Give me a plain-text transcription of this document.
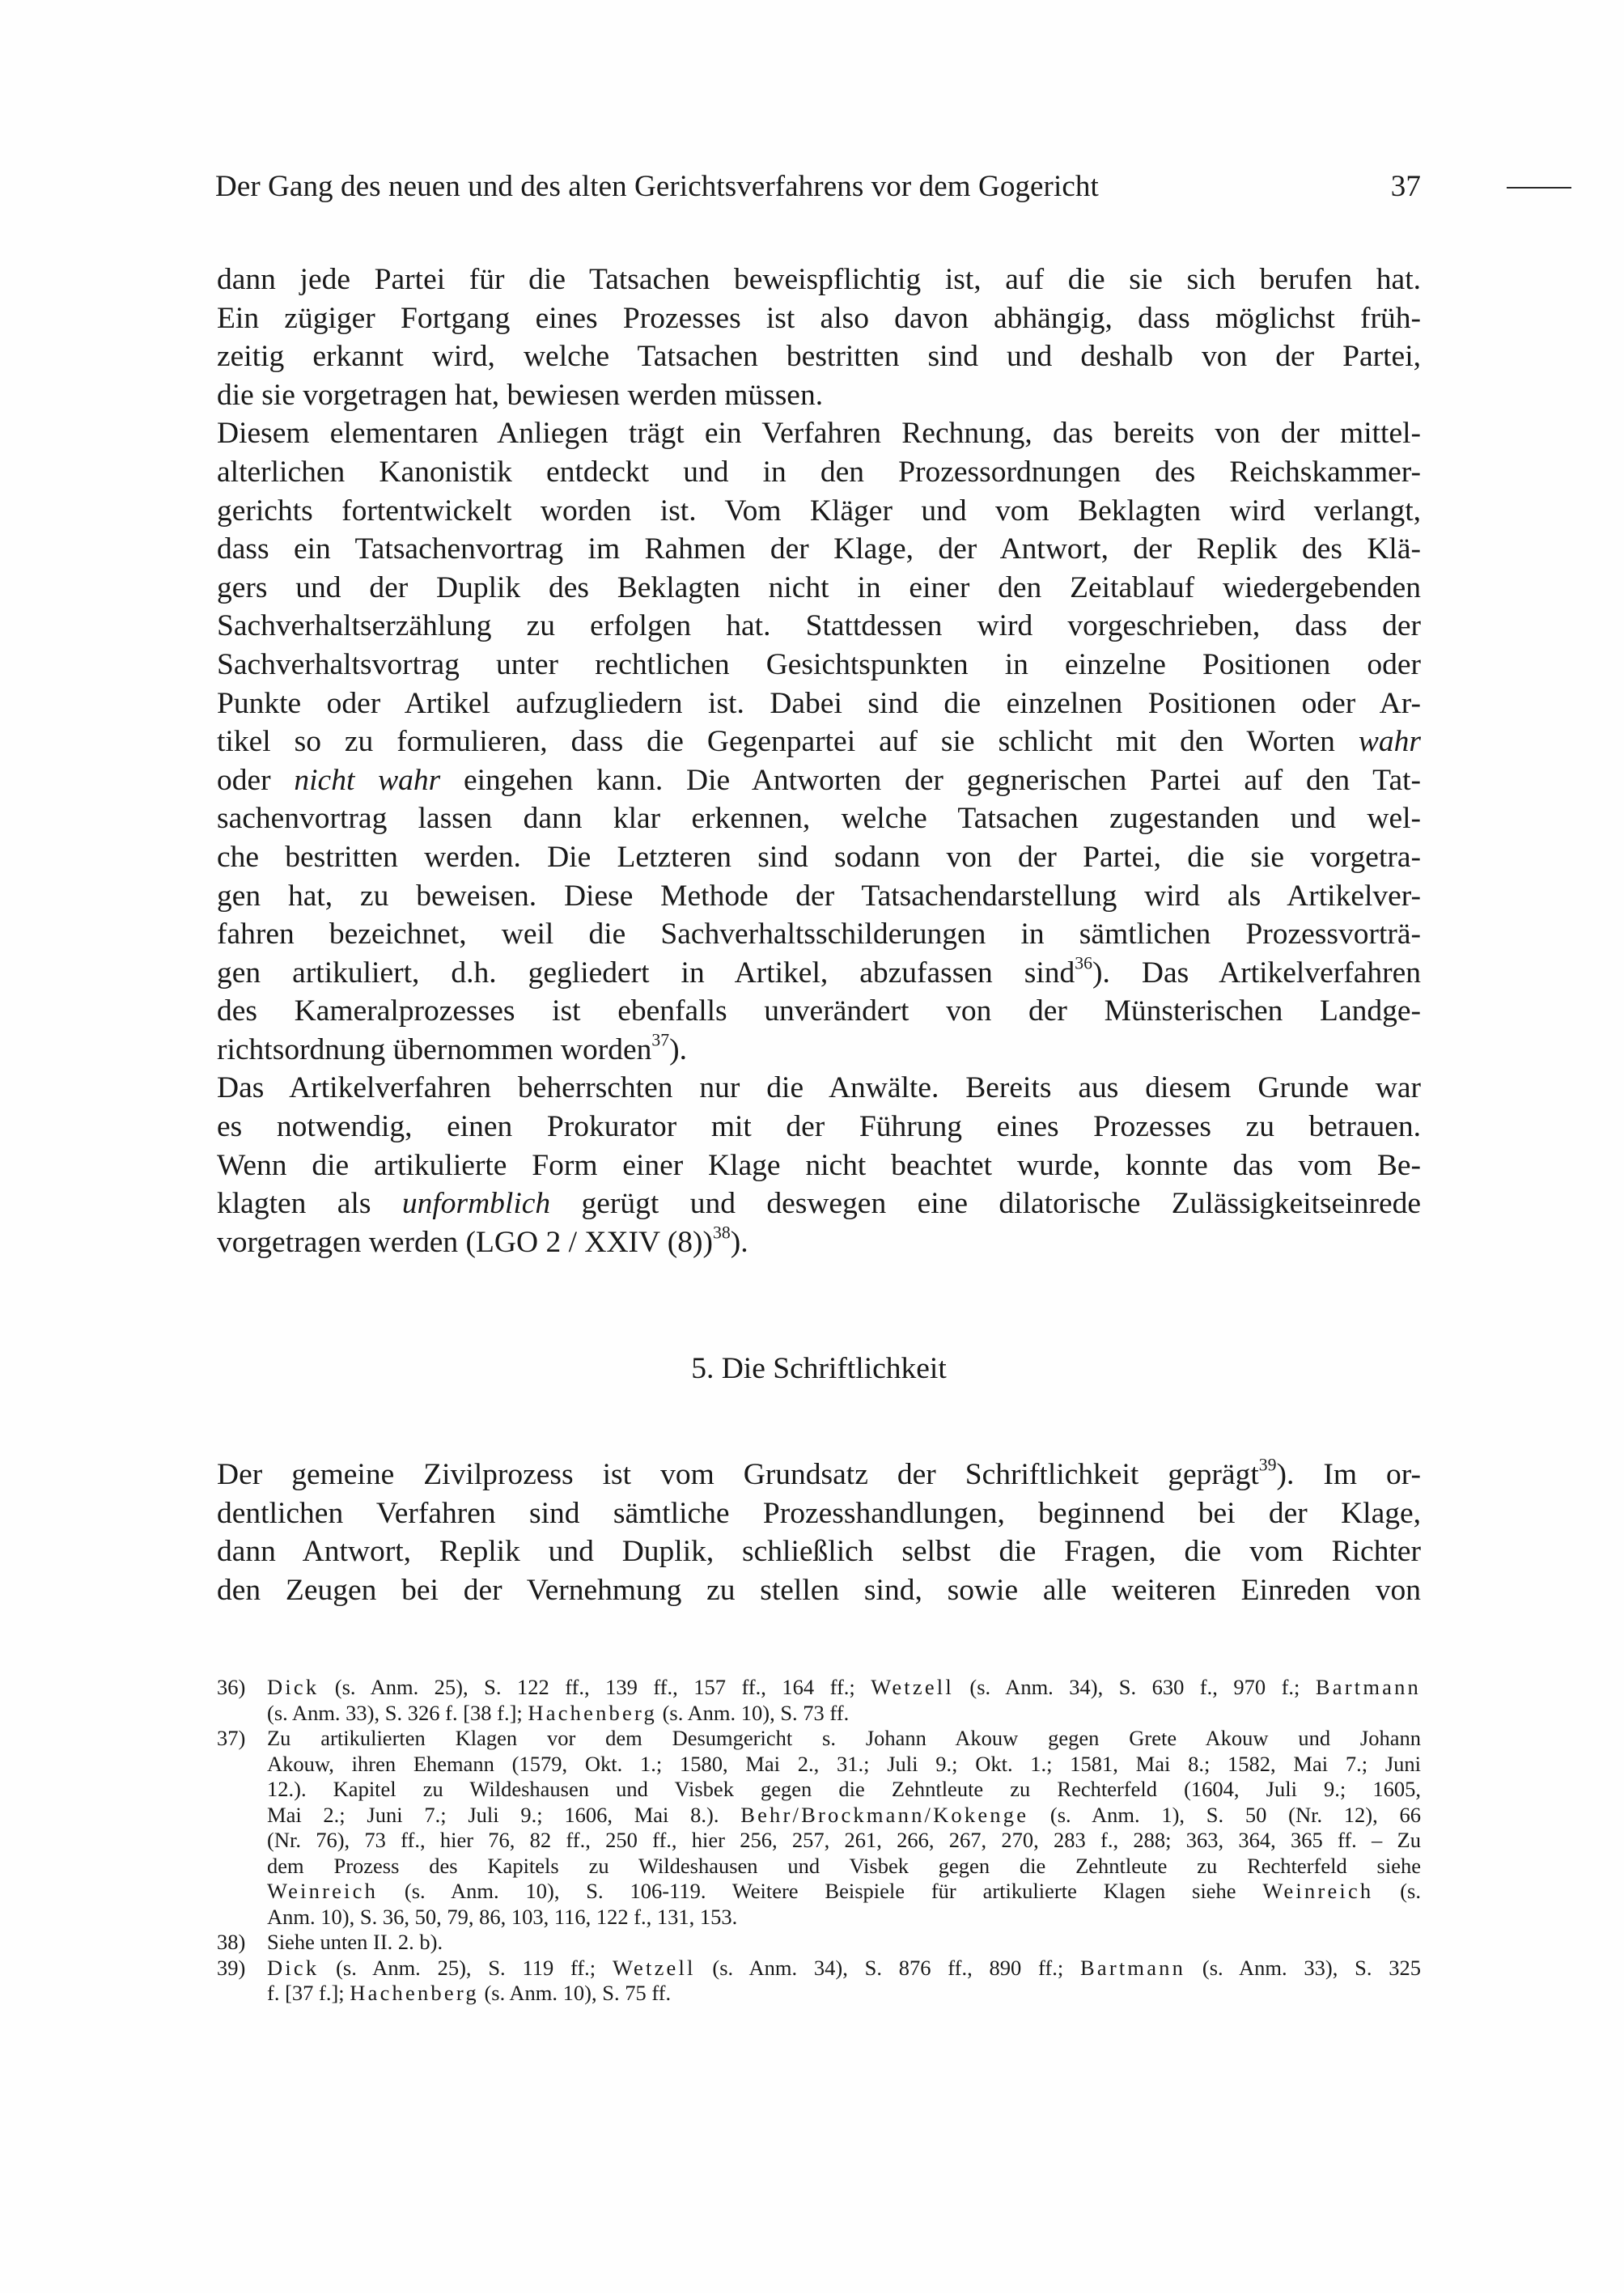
Der Gang des neuen und des alten Gerichtsverfahrens vor dem Gogericht	37
dann jede Partei für die Tatsachen beweispflichtig ist, auf die sie sich berufen hat.
Ein zügiger Fortgang eines Prozesses ist also davon abhängig, dass möglichst früh-
zeitig erkannt wird, welche Tatsachen bestritten sind und deshalb von der Partei,
die sie vorgetragen hat, bewiesen werden müssen.
Diesem elementaren Anliegen trägt ein Verfahren Rechnung, das bereits von der mittel-
alterlichen Kanonistik entdeckt und in den Prozessordnungen des Reichskammer-
gerichts fortentwickelt worden ist. Vom Kläger und vom Beklagten wird verlangt,
dass ein Tatsachenvortrag im Rahmen der Klage, der Antwort, der Replik des Klä-
gers und der Duplik des Beklagten nicht in einer den Zeitablauf wiedergebenden
Sachverhaltserzählung zu erfolgen hat. Stattdessen wird vorgeschrieben, dass der
Sachverhaltsvortrag unter rechtlichen Gesichtspunkten in einzelne Positionen oder
Punkte oder Artikel aufzugliedern ist. Dabei sind die einzelnen Positionen oder Ar-
tikel so zu formulieren, dass die Gegenpartei auf sie schlicht mit den Worten wahr
oder nicht wahr eingehen kann. Die Antworten der gegnerischen Partei auf den Tat-
sachenvortrag lassen dann klar erkennen, welche Tatsachen zugestanden und wel-
che bestritten werden. Die Letzteren sind sodann von der Partei, die sie vorgetra-
gen hat, zu beweisen. Diese Methode der Tatsachendarstellung wird als Artikelver-
fahren bezeichnet, weil die Sachverhaltsschilderungen in sämtlichen Prozessvorträ-
gen artikuliert, d.h. gegliedert in Artikel, abzufassen sind$^{36}$). Das Artikelverfahren
des Kameralprozesses ist ebenfalls unverändert von der Münsterischen Landge-
richtsordnung übernommen worden$^{37}$).
Das Artikelverfahren beherrschten nur die Anwälte. Bereits aus diesem Grunde war
es notwendig, einen Prokurator mit der Führung eines Prozesses zu betrauen.
Wenn die artikulierte Form einer Klage nicht beachtet wurde, konnte das vom Be-
klagten als unformblich gerügt und deswegen eine dilatorische Zulässigkeitseinrede
vorgetragen werden (LGO 2 / XXIV (8))$^{38}$).
5. Die Schriftlichkeit
Der gemeine Zivilprozess ist vom Grundsatz der Schriftlichkeit geprägt$^{39}$). Im or-
dentlichen Verfahren sind sämtliche Prozesshandlungen, beginnend bei der Klage,
dann Antwort, Replik und Duplik, schließlich selbst die Fragen, die vom Richter
den Zeugen bei der Vernehmung zu stellen sind, sowie alle weiteren Einreden von
36) Dick (s. Anm. 25), S. 122 ff., 139 ff., 157 ff., 164 ff.; Wetzell (s. Anm. 34), S. 630 f., 970 f.; Bartmann
(s. Anm. 33), S. 326 f. [38 f.]; Hachenberg (s. Anm. 10), S. 73 ff.
37) Zu artikulierten Klagen vor dem Desumgericht s. Johann Akouw gegen Grete Akouw und Johann
Akouw, ihren Ehemann (1579, Okt. 1.; 1580, Mai 2., 31.; Juli 9.; Okt. 1.; 1581, Mai 8.; 1582, Mai 7.; Juni
12.). Kapitel zu Wildeshausen und Visbek gegen die Zehntleute zu Rechterfeld (1604, Juli 9.; 1605,
Mai 2.; Juni 7.; Juli 9.; 1606, Mai 8.). Behr/Brockmann/Kokenge (s. Anm. 1), S. 50 (Nr. 12), 66
(Nr. 76), 73 ff., hier 76, 82 ff., 250 ff., hier 256, 257, 261, 266, 267, 270, 283 f., 288; 363, 364, 365 ff. – Zu
dem Prozess des Kapitels zu Wildeshausen und Visbek gegen die Zehntleute zu Rechterfeld siehe
Weinreich (s. Anm. 10), S. 106-119. Weitere Beispiele für artikulierte Klagen siehe Weinreich (s.
Anm. 10), S. 36, 50, 79, 86, 103, 116, 122 f., 131, 153.
38) Siehe unten II. 2. b).
39) Dick (s. Anm. 25), S. 119 ff.; Wetzell (s. Anm. 34), S. 876 ff., 890 ff.; Bartmann (s. Anm. 33), S. 325
f. [37 f.]; Hachenberg (s. Anm. 10), S. 75 ff.
